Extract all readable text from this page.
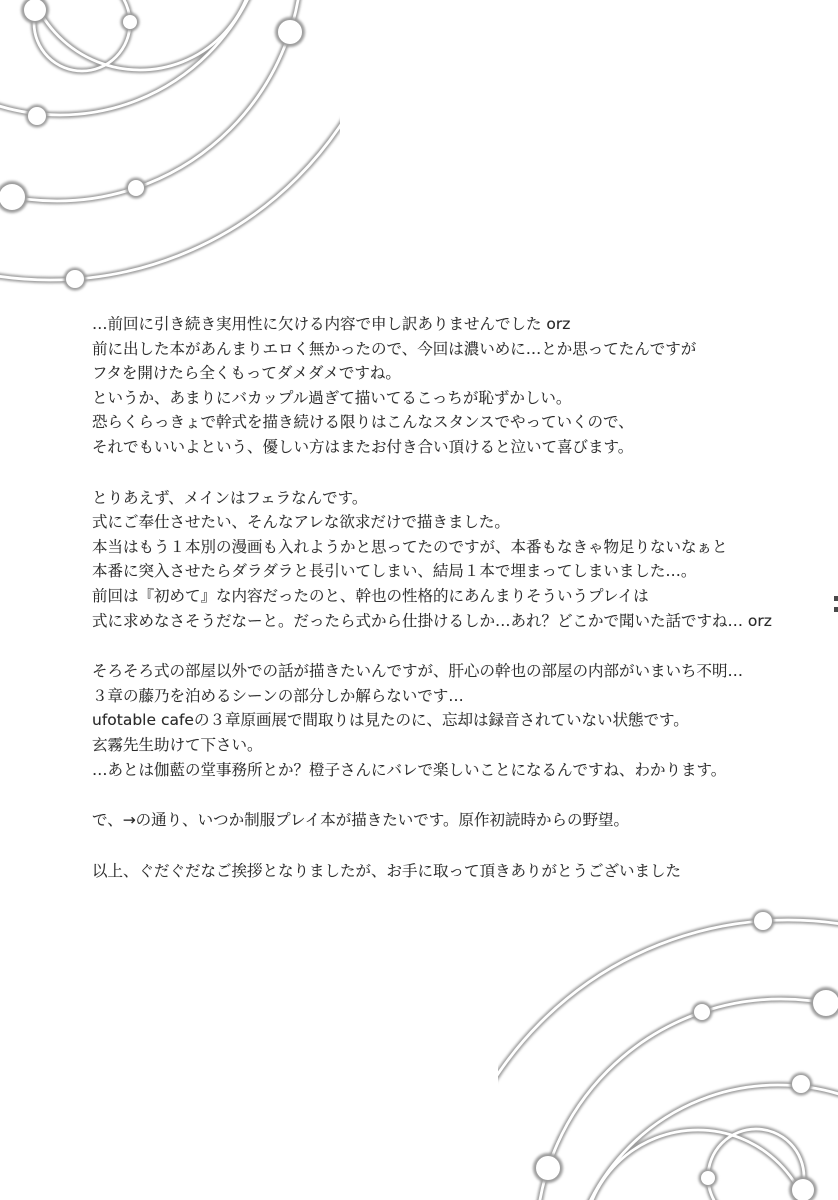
…前回に引き続き実用性に欠ける内容で申し訳ありませんでした orz
前に出した本があんまりエロく無かったので、今回は濃いめに…とか思ってたんですが
フタを開けたら全くもってダメダメですね。
というか、あまりにバカップル過ぎて描いてるこっちが恥ずかしい。
恐らくらっきょで幹式を描き続ける限りはこんなスタンスでやっていくので、
それでもいいよという、優しい方はまたお付き合い頂けると泣いて喜びます。

とりあえず、メインはフェラなんです。
式にご奉仕させたい、そんなアレな欲求だけで描きました。
本当はもう１本別の漫画も入れようかと思ってたのですが、本番もなきゃ物足りないなぁと
本番に突入させたらダラダラと長引いてしまい、結局１本で埋まってしまいました…。
前回は『初めて』な内容だったのと、幹也の性格的にあんまりそういうプレイは
式に求めなさそうだなーと。だったら式から仕掛けるしか…あれ？どこかで聞いた話ですね… orz

そろそろ式の部屋以外での話が描きたいんですが、肝心の幹也の部屋の内部がいまいち不明…
３章の藤乃を泊めるシーンの部分しか解らないです…
ufotable cafeの３章原画展で間取りは見たのに、忘却は録音されていない状態です。
玄霧先生助けて下さい。
…あとは伽藍の堂事務所とか？橙子さんにバレで楽しいことになるんですね、わかります。

で、→の通り、いつか制服プレイ本が描きたいです。原作初読時からの野望。

以上、ぐだぐだなご挨拶となりましたが、お手に取って頂きありがとうございました
